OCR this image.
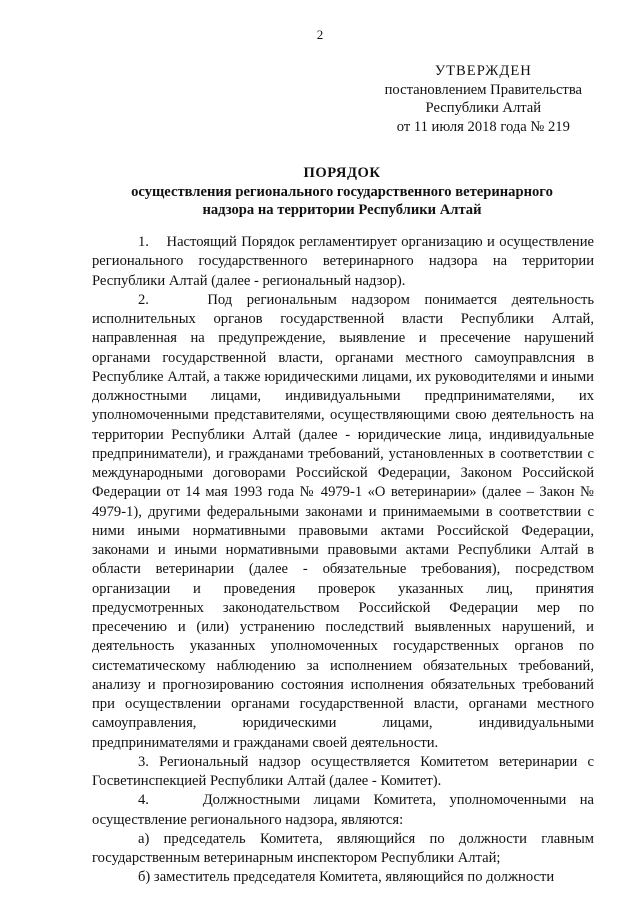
2
УТВЕРЖДЕН
постановлением Правительства
Республики Алтай
от 11 июля 2018 года № 219
ПОРЯДОК
осуществления регионального государственного ветеринарного
надзора на территории Республики Алтай

1.    Настоящий Порядок регламентирует организацию и осуществление регионального государственного ветеринарного надзора на территории Республики Алтай (далее - региональный надзор).

2.    Под региональным надзором понимается деятельность исполнительных органов государственной власти Республики Алтай, направленная на предупреждение, выявление и пресечение нарушений органами государственной власти, органами местного самоуправлсния в Республике Алтай, а также юридическими лицами, их руководителями и иными должностными лицами, индивидуальными предпринимателями, их уполномоченными представителями, осуществляющими свою деятельность на территории Республики Алтай (далее - юридические лица, индивидуальные предприниматели), и гражданами требований, установленных в соответствии с международными договорами Российской Федерации, Законом Российской Федерации от 14 мая 1993 года № 4979-1 «О ветеринарии» (далее – Закон № 4979-1), другими федеральными законами и принимаемыми в соответствии с ними иными нормативными правовыми актами Российской Федерации, законами и иными нормативными правовыми актами Республики Алтай в области ветеринарии (далее - обязательные требования), посредством организации и проведения проверок указанных лиц, принятия предусмотренных законодательством Российской Федерации мер по пресечению и (или) устранению последствий выявленных нарушений, и деятельность указанных уполномоченных государственных органов по систематическому наблюдению за исполнением обязательных требований, анализу и прогнозированию состояния исполнения обязательных требований при осуществлении органами государственной власти, органами местного самоуправления, юридическими лицами, индивидуальными предпринимателями и гражданами своей деятельности.

3. Региональный надзор осуществляется Комитетом ветеринарии с Госветинспекцией Республики Алтай (далее - Комитет).

4.    Должностными лицами Комитета, уполномоченными на осуществление регионального надзора, являются:

а) председатель Комитета, являющийся по должности главным государственным ветеринарным инспектором Республики Алтай;

б) заместитель председателя Комитета, являющийся по должности
